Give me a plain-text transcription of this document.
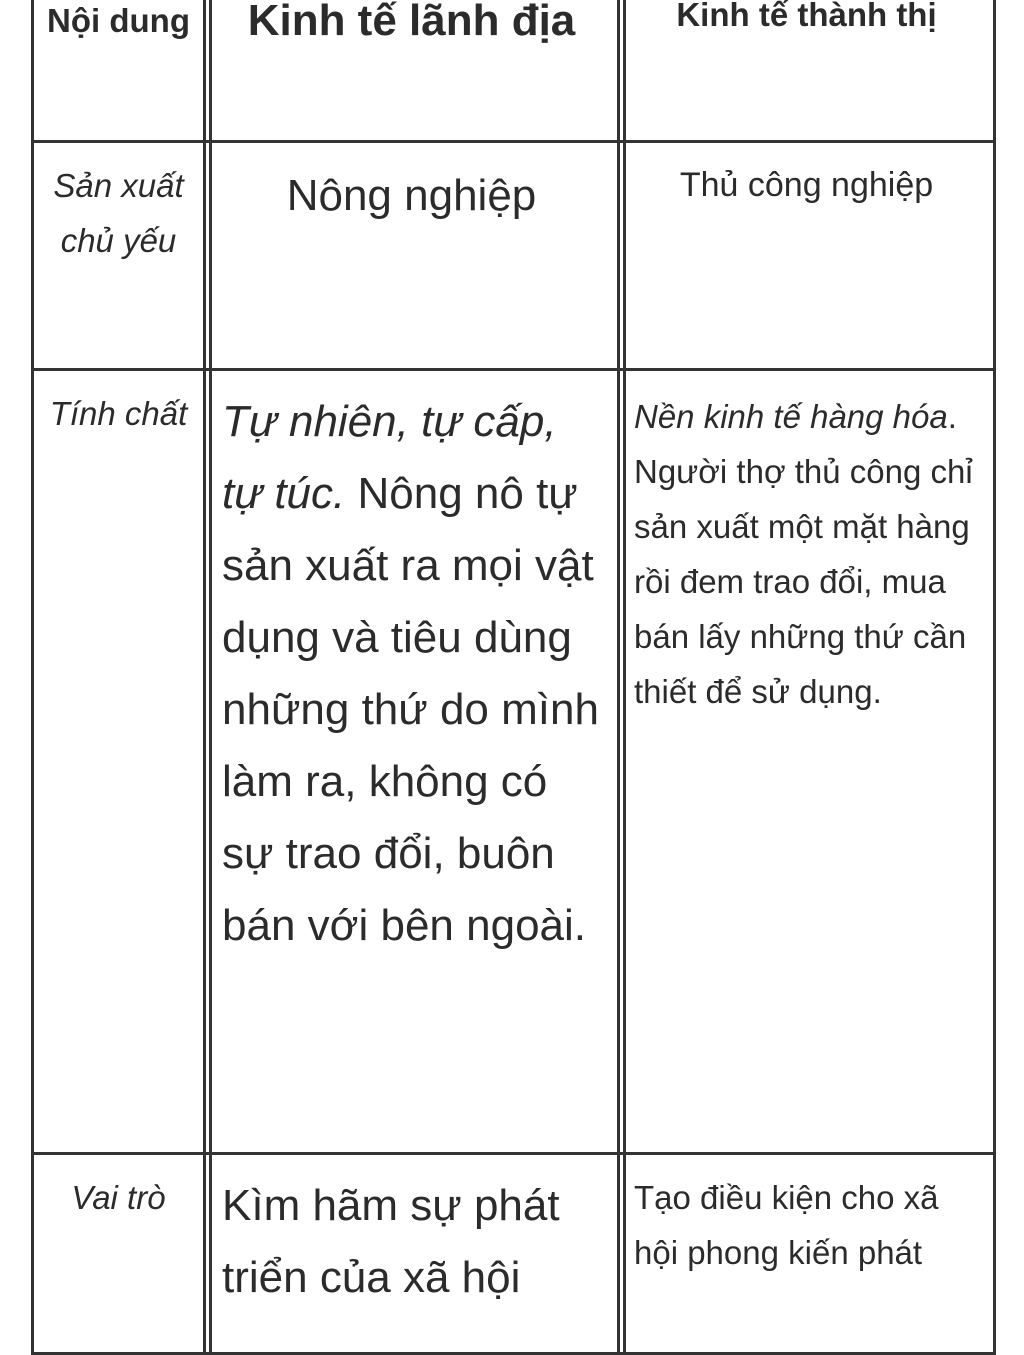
Nội dung	Kinh tế lãnh địa	Kinh tế thành thị
Sản xuất chủ yếu	Nông nghiệp	Thủ công nghiệp
Tính chất	Tự nhiên, tự cấp, tự túc. Nông nô tự sản xuất ra mọi vật dụng và tiêu dùng những thứ do mình làm ra, không có sự trao đổi, buôn bán với bên ngoài.	Nền kinh tế hàng hóa. Người thợ thủ công chỉ sản xuất một mặt hàng rồi đem trao đổi, mua bán lấy những thứ cần thiết để sử dụng.
Vai trò	Kìm hãm sự phát triển của xã hội	Tạo điều kiện cho xã hội phong kiến phát
